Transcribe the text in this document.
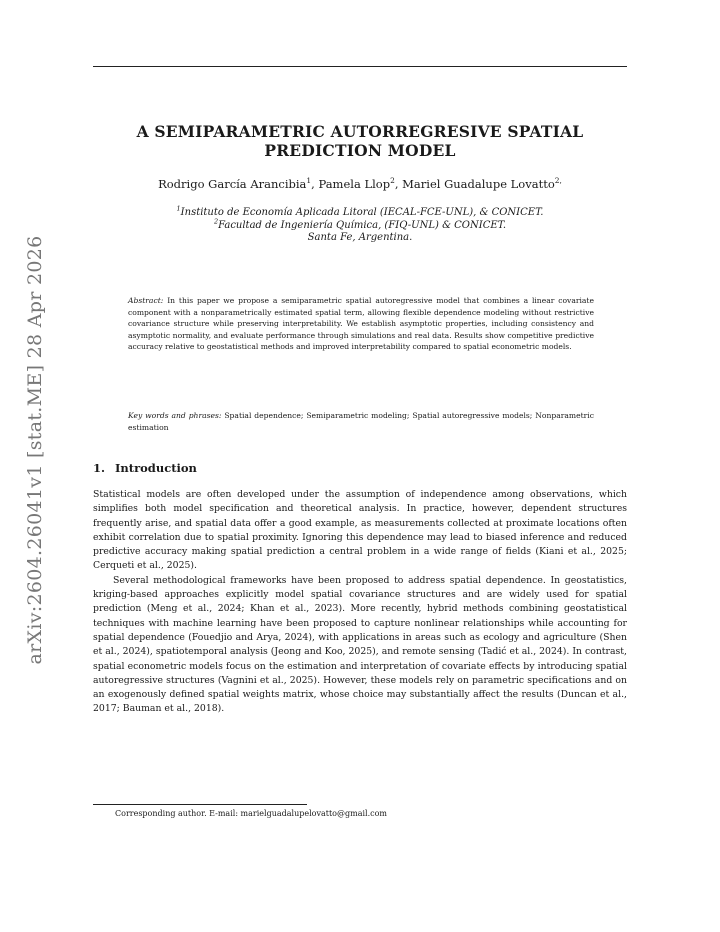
arXiv:2604.26041v1 [stat.ME] 28 Apr 2026
A SEMIPARAMETRIC AUTORREGRESIVE SPATIAL
PREDICTION MODEL
Rodrigo García Arancibia$^1$, Pamela Llop$^2$, Mariel Guadalupe Lovatto$^{2,}$
$^1$Instituto de Economía Aplicada Litoral (IECAL-FCE-UNL), & CONICET.
$^2$Facultad de Ingeniería Química, (FIQ-UNL) & CONICET.
Santa Fe, Argentina.
Abstract: In this paper we propose a semiparametric spatial autoregressive model that combines a linear covariate component with a nonparametrically estimated spatial term, allowing flexible dependence modeling without restrictive covariance structure while preserving interpretability. We establish asymptotic properties, including consistency and asymptotic normality, and evaluate performance through simulations and real data. Results show competitive predictive accuracy relative to geostatistical methods and improved interpretability compared to spatial econometric models.
Key words and phrases: Spatial dependence; Semiparametric modeling; Spatial autoregressive models; Nonparametric estimation
1. Introduction

Statistical models are often developed under the assumption of independence among observations, which simplifies both model specification and theoretical analysis. In practice, however, dependent structures frequently arise, and spatial data offer a good example, as measurements collected at proximate locations often exhibit correlation due to spatial proximity. Ignoring this dependence may lead to biased inference and reduced predictive accuracy making spatial prediction a central problem in a wide range of fields (Kiani et al., 2025; Cerqueti et al., 2025).

Several methodological frameworks have been proposed to address spatial dependence. In geostatistics, kriging-based approaches explicitly model spatial covariance structures and are widely used for spatial prediction (Meng et al., 2024; Khan et al., 2023). More recently, hybrid methods combining geostatistical techniques with machine learning have been proposed to capture nonlinear relationships while accounting for spatial dependence (Fouedjio and Arya, 2024), with applications in areas such as ecology and agriculture (Shen et al., 2024), spatiotemporal analysis (Jeong and Koo, 2025), and remote sensing (Tadić et al., 2024). In contrast, spatial econometric models focus on the estimation and interpretation of covariate effects by introducing spatial autoregressive structures (Vagnini et al., 2025). However, these models rely on parametric specifications and on an exogenously defined spatial weights matrix, whose choice may substantially affect the results (Duncan et al., 2017; Bauman et al., 2018).

Corresponding author. E-mail: marielguadalupelovatto@gmail.com
